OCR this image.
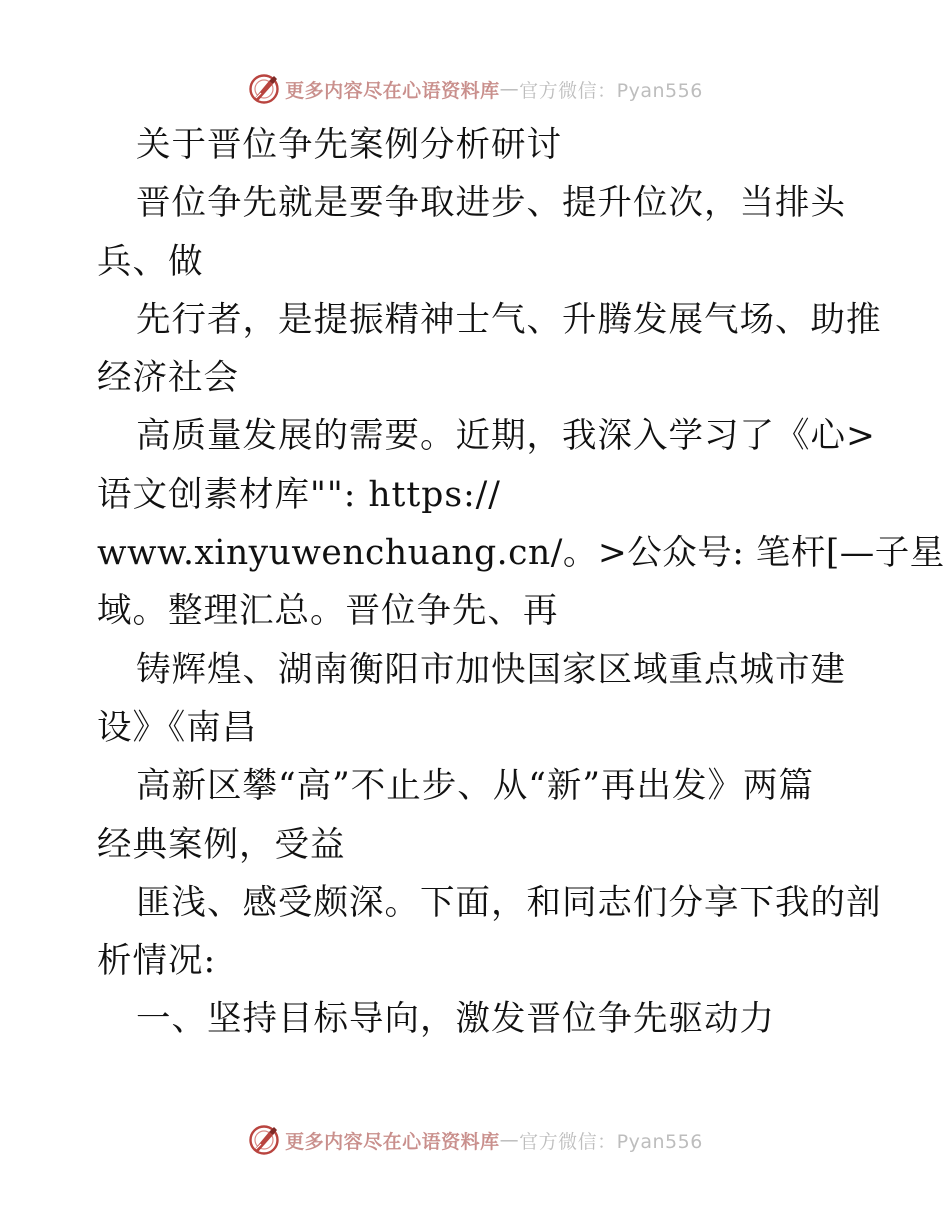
更多内容尽在心语资料库 — 官方微信：Pyan556
关于晋位争先案例分析研讨
晋位争先就是要争取进步、提升位次，当排头
兵、做
先行者，是提振精神士气、升腾发展气场、助推
经济社会
高质量发展的需要。近期，我深入学习了《心>
语文创素材库"": https://
www.xinyuwenchuang.cn/。>公众号: 笔杆[—子星
域。整理汇总。晋位争先、再
铸辉煌、湖南衡阳市加快国家区域重点城市建
设》《南昌
高新区攀“高”不止步、从“新”再出发》两篇
经典案例，受益
匪浅、感受颇深。下面，和同志们分享下我的剖
析情况:
一、坚持目标导向，激发晋位争先驱动力
更多内容尽在心语资料库 — 官方微信：Pyan556
